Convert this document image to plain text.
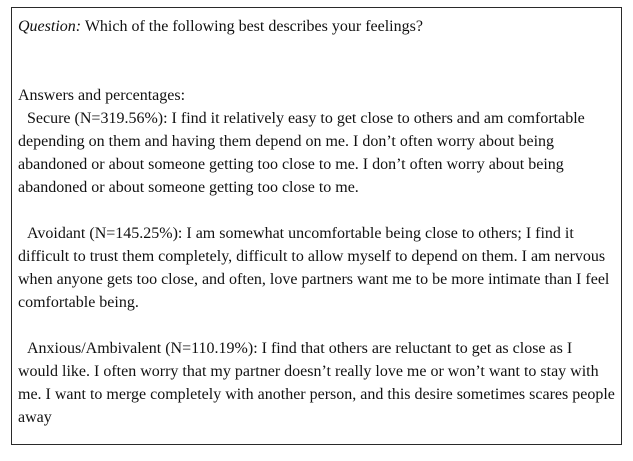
Question: Which of the following best describes your feelings?

Answers and percentages:

Secure (N=319.56%): I find it relatively easy to get close to others and am comfortable depending on them and having them depend on me. I don’t often worry about being abandoned or about someone getting too close to me. I don’t often worry about being abandoned or about someone getting too close to me.

Avoidant (N=145.25%): I am somewhat uncomfortable being close to others; I find it difficult to trust them completely, difficult to allow myself to depend on them. I am nervous when anyone gets too close, and often, love partners want me to be more intimate than I feel comfortable being.

Anxious/Ambivalent (N=110.19%): I find that others are reluctant to get as close as I would like. I often worry that my partner doesn’t really love me or won’t want to stay with me. I want to merge completely with another person, and this desire sometimes scares people away
